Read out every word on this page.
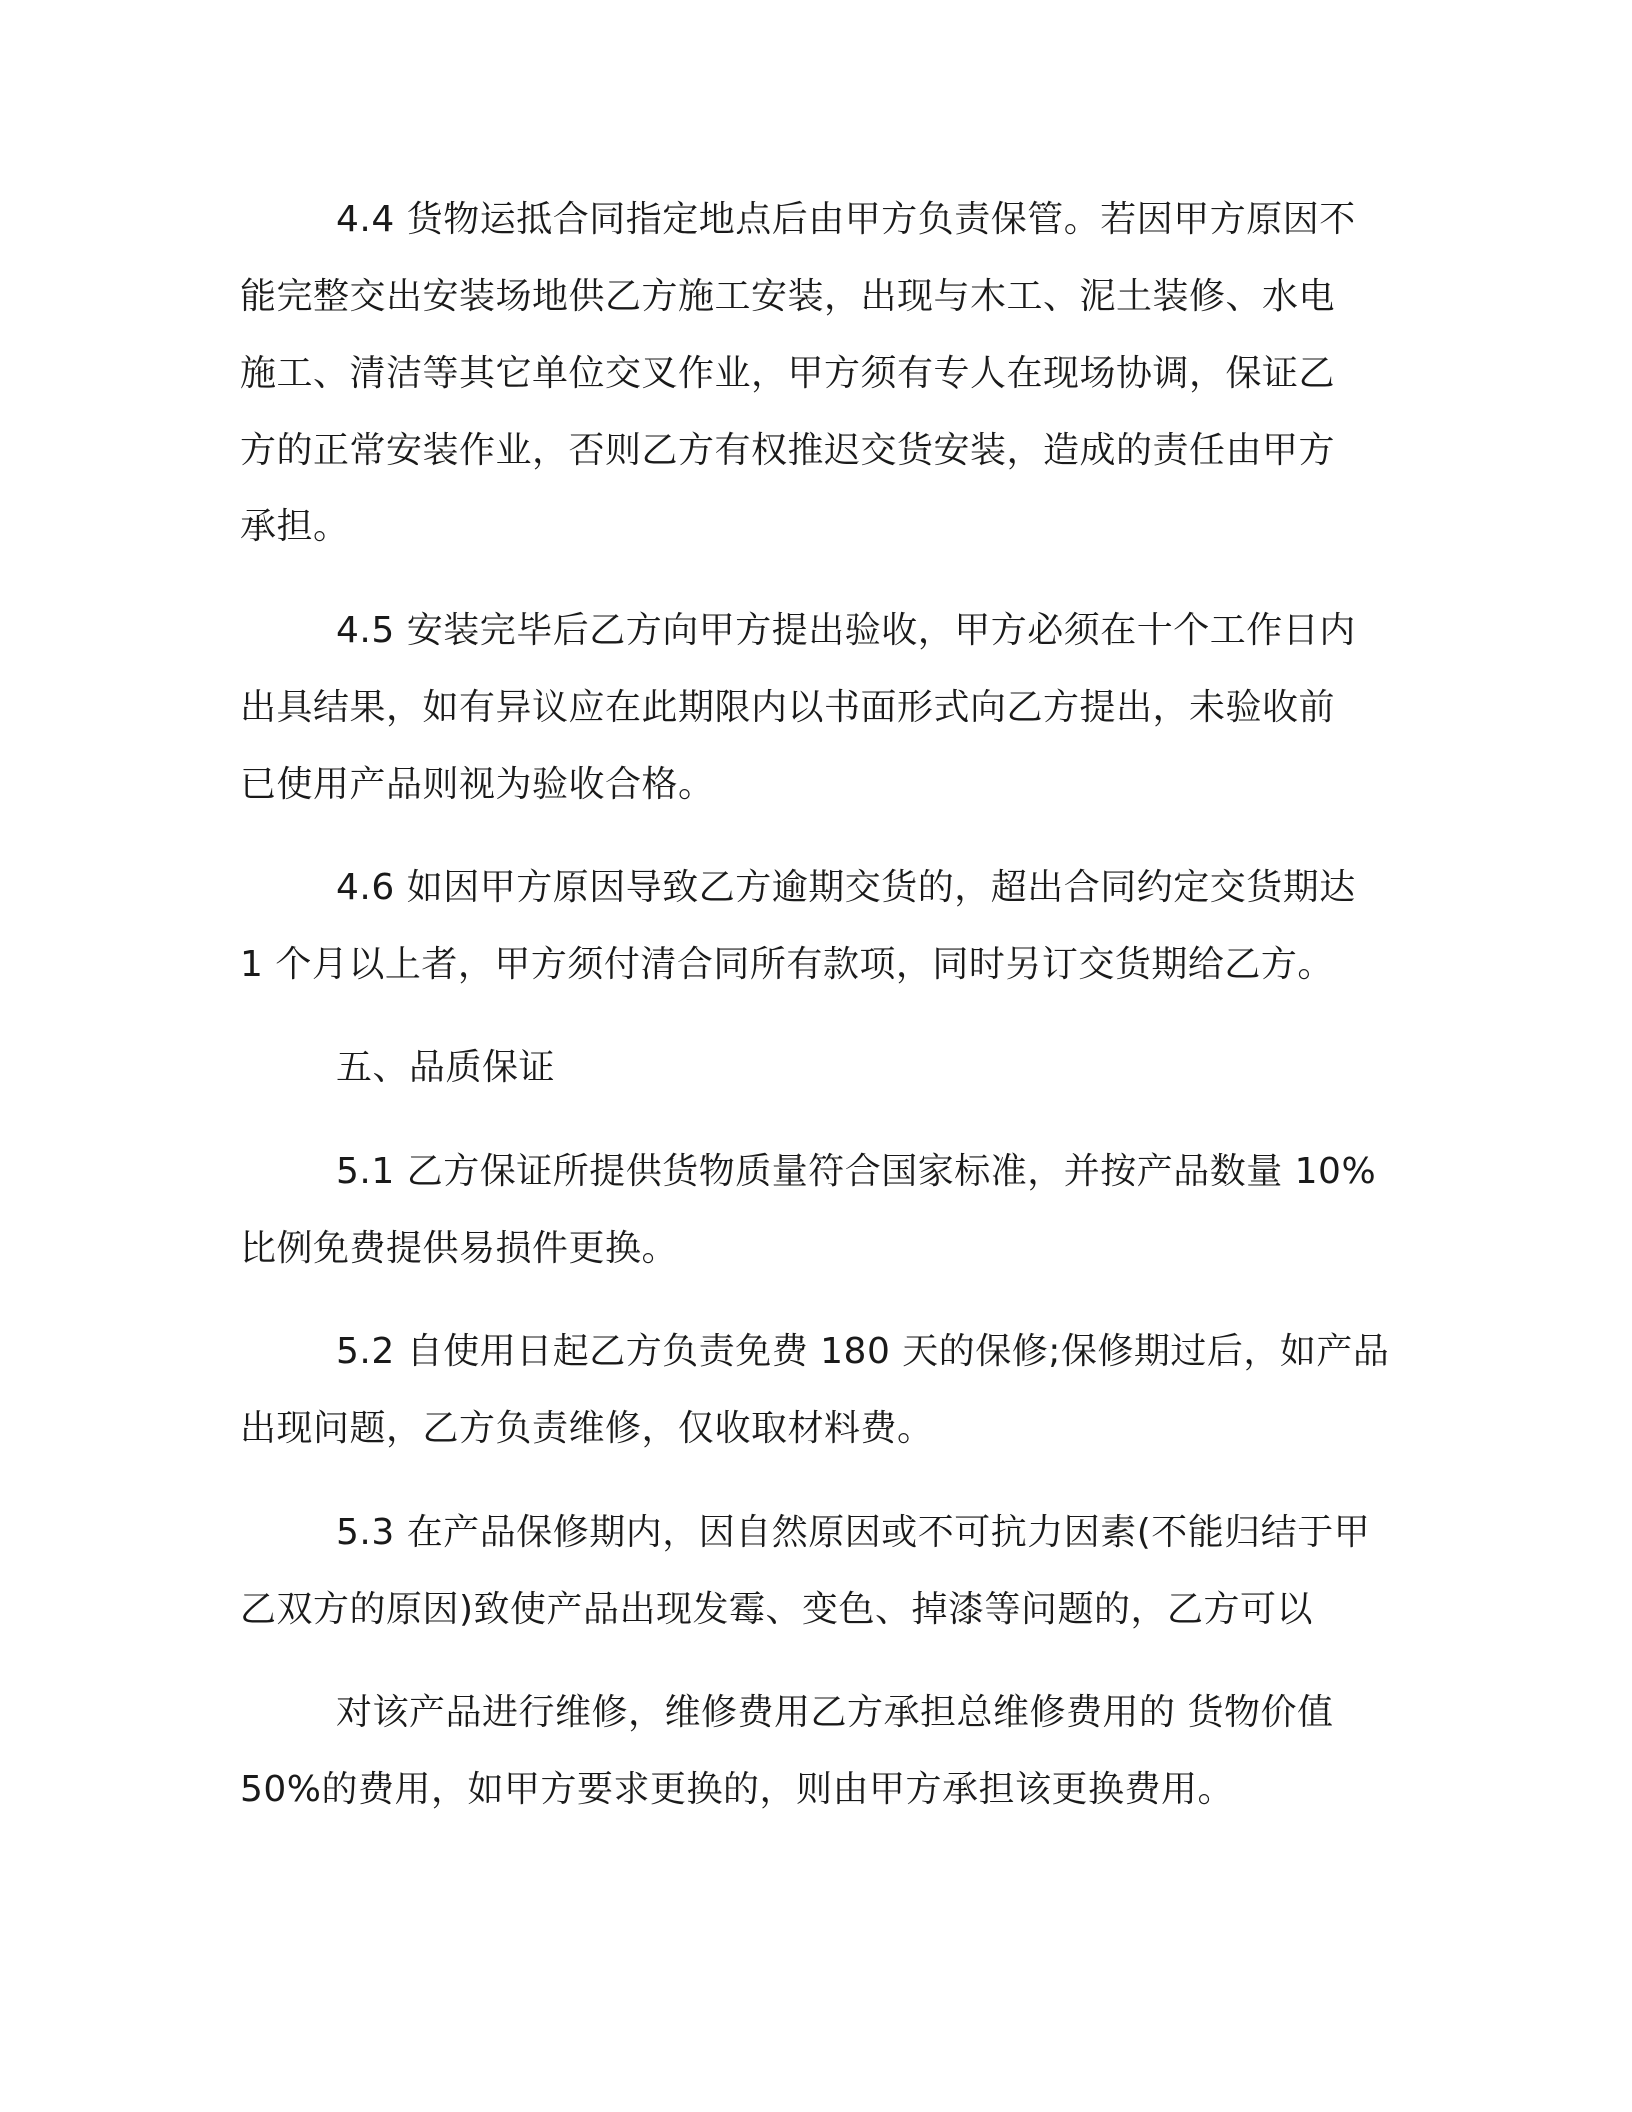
4.4 货物运抵合同指定地点后由甲方负责保管。若因甲方原因不
能完整交出安装场地供乙方施工安装，出现与木工、泥土装修、水电
施工、清洁等其它单位交叉作业，甲方须有专人在现场协调，保证乙
方的正常安装作业，否则乙方有权推迟交货安装，造成的责任由甲方
承担。
4.5 安装完毕后乙方向甲方提出验收，甲方必须在十个工作日内
出具结果，如有异议应在此期限内以书面形式向乙方提出，未验收前
已使用产品则视为验收合格。
4.6 如因甲方原因导致乙方逾期交货的，超出合同约定交货期达
1 个月以上者，甲方须付清合同所有款项，同时另订交货期给乙方。
五、品质保证
5.1 乙方保证所提供货物质量符合国家标准，并按产品数量 10%
比例免费提供易损件更换。
5.2 自使用日起乙方负责免费 180 天的保修;保修期过后，如产品
出现问题，乙方负责维修，仅收取材料费。
5.3 在产品保修期内，因自然原因或不可抗力因素(不能归结于甲
乙双方的原因)致使产品出现发霉、变色、掉漆等问题的，乙方可以
对该产品进行维修，维修费用乙方承担总维修费用的 货物价值
50%的费用，如甲方要求更换的，则由甲方承担该更换费用。
